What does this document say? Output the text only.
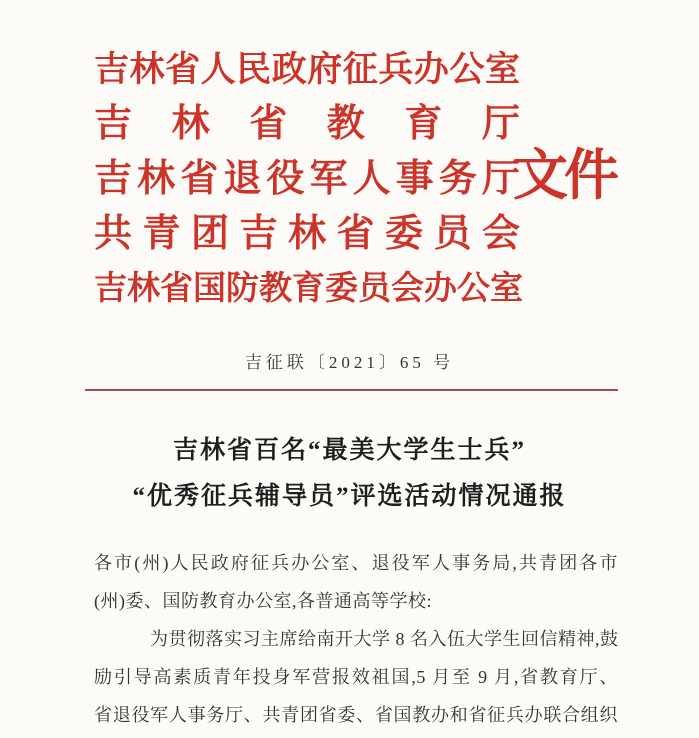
吉林省人民政府征兵办公室
吉林省教育厅
吉林省退役军人事务厅
共青团吉林省委员会
吉林省国防教育委员会办公室
文件
吉征联〔2021〕65 号
吉林省百名“最美大学生士兵”
“优秀征兵辅导员”评选活动情况通报
各市(州)人民政府征兵办公室、退役军人事务局,共青团各市
(州)委、国防教育办公室,各普通高等学校:
为贯彻落实习主席给南开大学 8 名入伍大学生回信精神,鼓
励引导高素质青年投身军营报效祖国,5 月至 9 月,省教育厅、
省退役军人事务厅、共青团省委、省国教办和省征兵办联合组织
